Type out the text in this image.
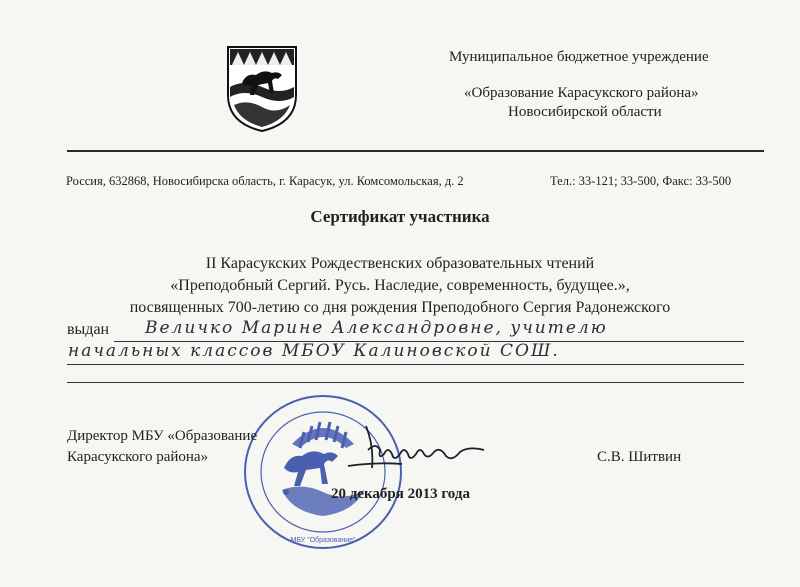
Муниципальное бюджетное учреждение
«Образование Карасукского района»
Новосибирской области
Россия, 632868, Новосибирска область, г. Карасук, ул. Комсомольская, д. 2	Тел.: 33-121; 33-500, Факс: 33-500
Сертификат участника
II Карасукских Рождественских образовательных чтений
«Преподобный Сергий. Русь. Наследие, современность, будущее.»,
посвященных 700-летию со дня рождения Преподобного Сергия Радонежского
выдан Величко Марине Александровне, учителю
начальных классов МБОУ Калиновской СОШ.
МБУ "Образование"
Директор МБУ «Образование
Карасукского района»	С.В. Шитвин
20 декабря 2013 года
